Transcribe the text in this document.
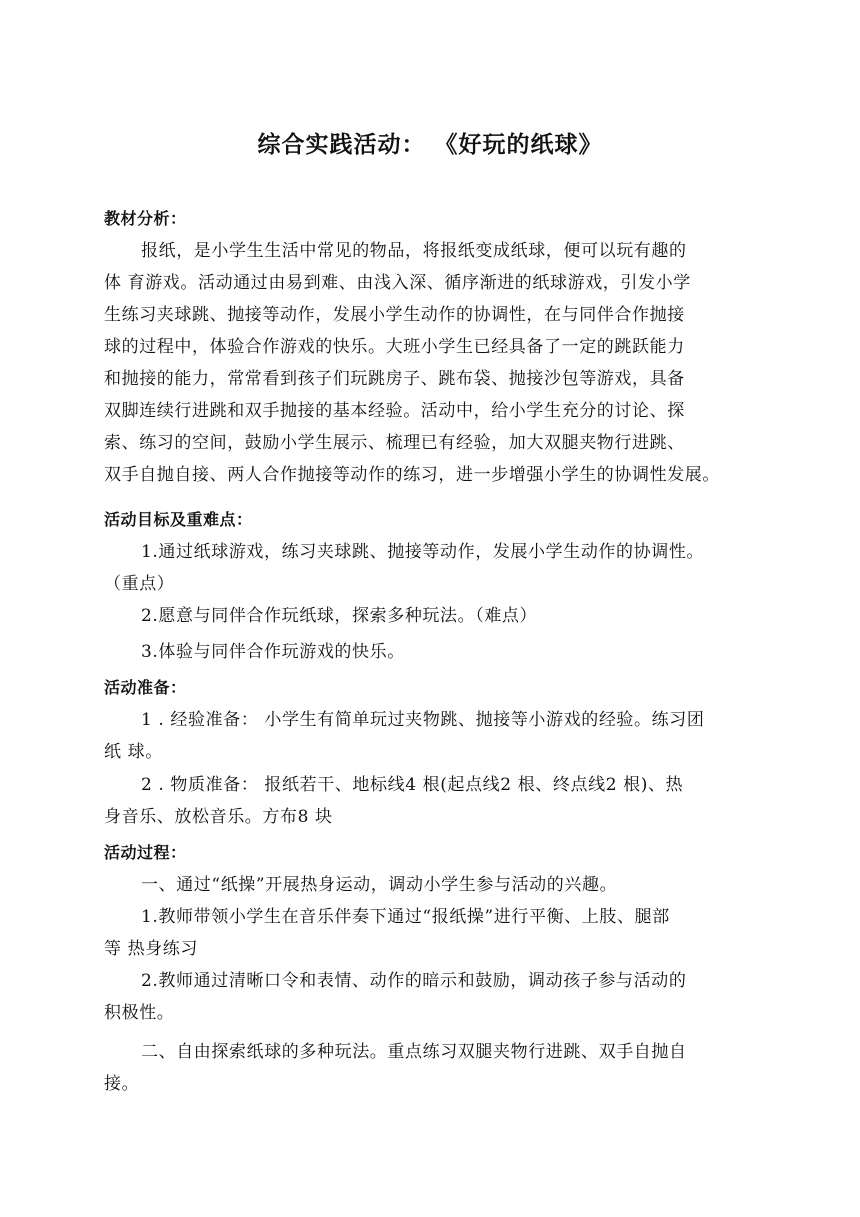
综合实践活动： 《好玩的纸球》
教材分析：
报纸，是小学生生活中常见的物品，将报纸变成纸球，便可以玩有趣的
体 育游戏。活动通过由易到难、由浅入深、循序渐进的纸球游戏，引发小学
生练习夹球跳、抛接等动作，发展小学生动作的协调性，在与同伴合作抛接
球的过程中，体验合作游戏的快乐。大班小学生已经具备了一定的跳跃能力
和抛接的能力，常常看到孩子们玩跳房子、跳布袋、抛接沙包等游戏，具备
双脚连续行进跳和双手抛接的基本经验。活动中，给小学生充分的讨论、探
索、练习的空间，鼓励小学生展示、梳理已有经验，加大双腿夹物行进跳、
双手自抛自接、两人合作抛接等动作的练习，进一步增强小学生的协调性发展。
活动目标及重难点：
1.通过纸球游戏，练习夹球跳、抛接等动作，发展小学生动作的协调性。
（重点）
2.愿意与同伴合作玩纸球，探索多种玩法。（难点）
3.体验与同伴合作玩游戏的快乐。
活动准备：
1 . 经验准备： 小学生有简单玩过夹物跳、抛接等小游戏的经验。练习团
纸 球。
2 . 物质准备： 报纸若干、地标线4 根(起点线2 根、终点线2 根)、热
身音乐、放松音乐。方布8 块
活动过程：
一、通过“纸操”开展热身运动，调动小学生参与活动的兴趣。
1.教师带领小学生在音乐伴奏下通过“报纸操”进行平衡、上肢、腿部
等 热身练习
2.教师通过清晰口令和表情、动作的暗示和鼓励，调动孩子参与活动的
积极性。
二、自由探索纸球的多种玩法。重点练习双腿夹物行进跳、双手自抛自
接。
